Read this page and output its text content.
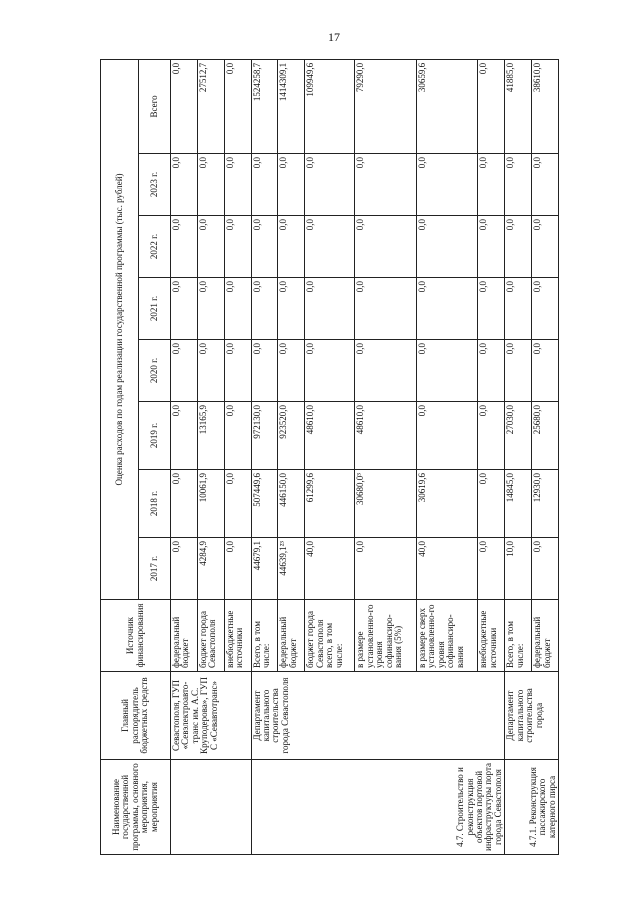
17
Наименование государственной программы, основного мероприятия, мероприятия	Главный распорядитель бюджетных средств	Источник финансирования	Оценка расходов по годам реализации государственной программы (тыс. рублей)							
			2017 г.	2018 г.	2019 г.	2020 г.	2021 г.	2022 г.	2023 г.	Всего
	Севастополя, ГУП «Севэлектроавто-транс им. А.С. Круподерова», ГУП С «Севавтотранс»	федеральный бюджет	0,0	0,0	0,0	0,0	0,0	0,0	0,0	0,0
		бюджет города Севастополя	4284,9	10061,9	13165,9	0,0	0,0	0,0	0,0	27512,7
		внебюджетные источники	0,0	0,0	0,0	0,0	0,0	0,0	0,0	0,0
4.7. Строительство и реконструкция объектов портовой инфраструктуры порта города Севастополя	Департамент капитального строительства города Севастополя	Всего, в том числе:	44679,1	507449,6	972130,0	0,0	0,0	0,0	0,0	1524258,7
		федеральный бюджет	44639,1²³	446150,0	923520,0	0,0	0,0	0,0	0,0	1414309,1
		бюджет города Севастополя всего, в том числе:	40,0	61299,6	48610,0	0,0	0,0	0,0	0,0	109949,6
		в размере установленно-го уровня софинансиро-вания (5%)	0,0	30680,0³	48610,0	0,0	0,0	0,0	0,0	79290,0
		в размере сверх установленно-го уровня софинансиро-вания	40,0	30619,6	0,0	0,0	0,0	0,0	0,0	30659,6
		внебюджетные источники	0,0	0,0	0,0	0,0	0,0	0,0	0,0	0,0
4.7.1. Реконструкция пассажирского катерного пирса	Департамент капитального строительства города	Всего, в том числе:	10,0	14845,0	27030,0	0,0	0,0	0,0	0,0	41885,0
		федеральный бюджет	0,0	12930,0	25680,0	0,0	0,0	0,0	0,0	38610,0
